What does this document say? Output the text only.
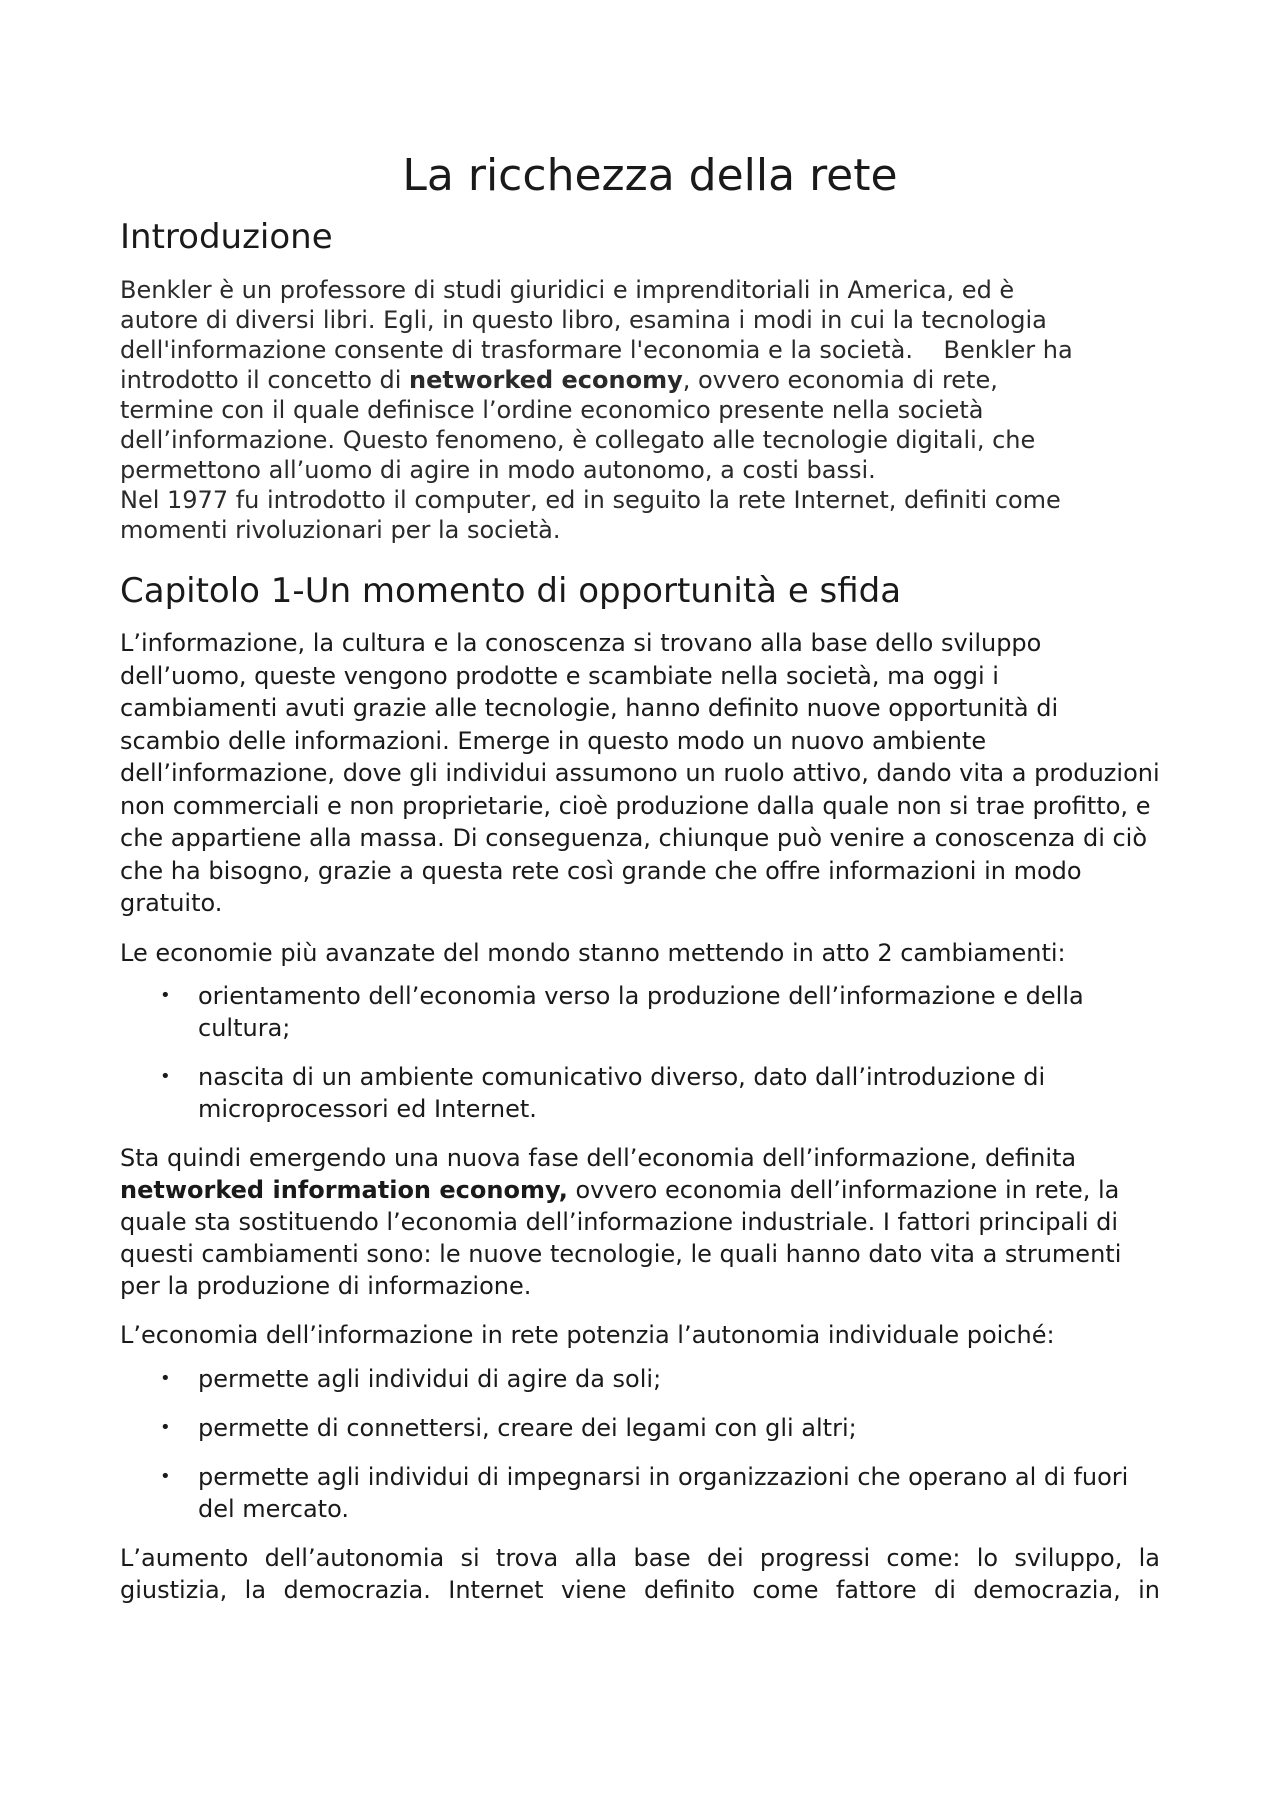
La ricchezza della rete
Introduzione

Benkler è un professore di studi giuridici e imprenditoriali in America, ed è
autore di diversi libri. Egli, in questo libro, esamina i modi in cui la tecnologia
dell'informazione consente di trasformare l'economia e la società.    Benkler ha
introdotto il concetto di networked economy, ovvero economia di rete,
termine con il quale definisce l’ordine economico presente nella società
dell’informazione. Questo fenomeno, è collegato alle tecnologie digitali, che
permettono all’uomo di agire in modo autonomo, a costi bassi.
Nel 1977 fu introdotto il computer, ed in seguito la rete Internet, definiti come
momenti rivoluzionari per la società.

Capitolo 1-Un momento di opportunità e sfida

L’informazione, la cultura e la conoscenza si trovano alla base dello sviluppo dell’uomo, queste vengono prodotte e scambiate nella società, ma oggi i cambiamenti avuti grazie alle tecnologie, hanno definito nuove opportunità di scambio delle informazioni. Emerge in questo modo un nuovo ambiente dell’informazione, dove gli individui assumono un ruolo attivo, dando vita a produzioni non commerciali e non proprietarie, cioè produzione dalla quale non si trae profitto, e che appartiene alla massa. Di conseguenza, chiunque può venire a conoscenza di ciò che ha bisogno, grazie a questa rete così grande che offre informazioni in modo gratuito.

Le economie più avanzate del mondo stanno mettendo in atto 2 cambiamenti:

• orientamento dell’economia verso la produzione dell’informazione e della cultura;
• nascita di un ambiente comunicativo diverso, dato dall’introduzione di microprocessori ed Internet.

Sta quindi emergendo una nuova fase dell’economia dell’informazione, definita networked information economy, ovvero economia dell’informazione in rete, la quale sta sostituendo l’economia dell’informazione industriale. I fattori principali di questi cambiamenti sono: le nuove tecnologie, le quali hanno dato vita a strumenti per la produzione di informazione.

L’economia dell’informazione in rete potenzia l’autonomia individuale poiché:

• permette agli individui di agire da soli;
• permette di connettersi, creare dei legami con gli altri;
• permette agli individui di impegnarsi in organizzazioni che operano al di fuori del mercato.

L’aumento dell’autonomia si trova alla base dei progressi come: lo sviluppo, la
giustizia, la democrazia. Internet viene definito come fattore di democrazia, in
